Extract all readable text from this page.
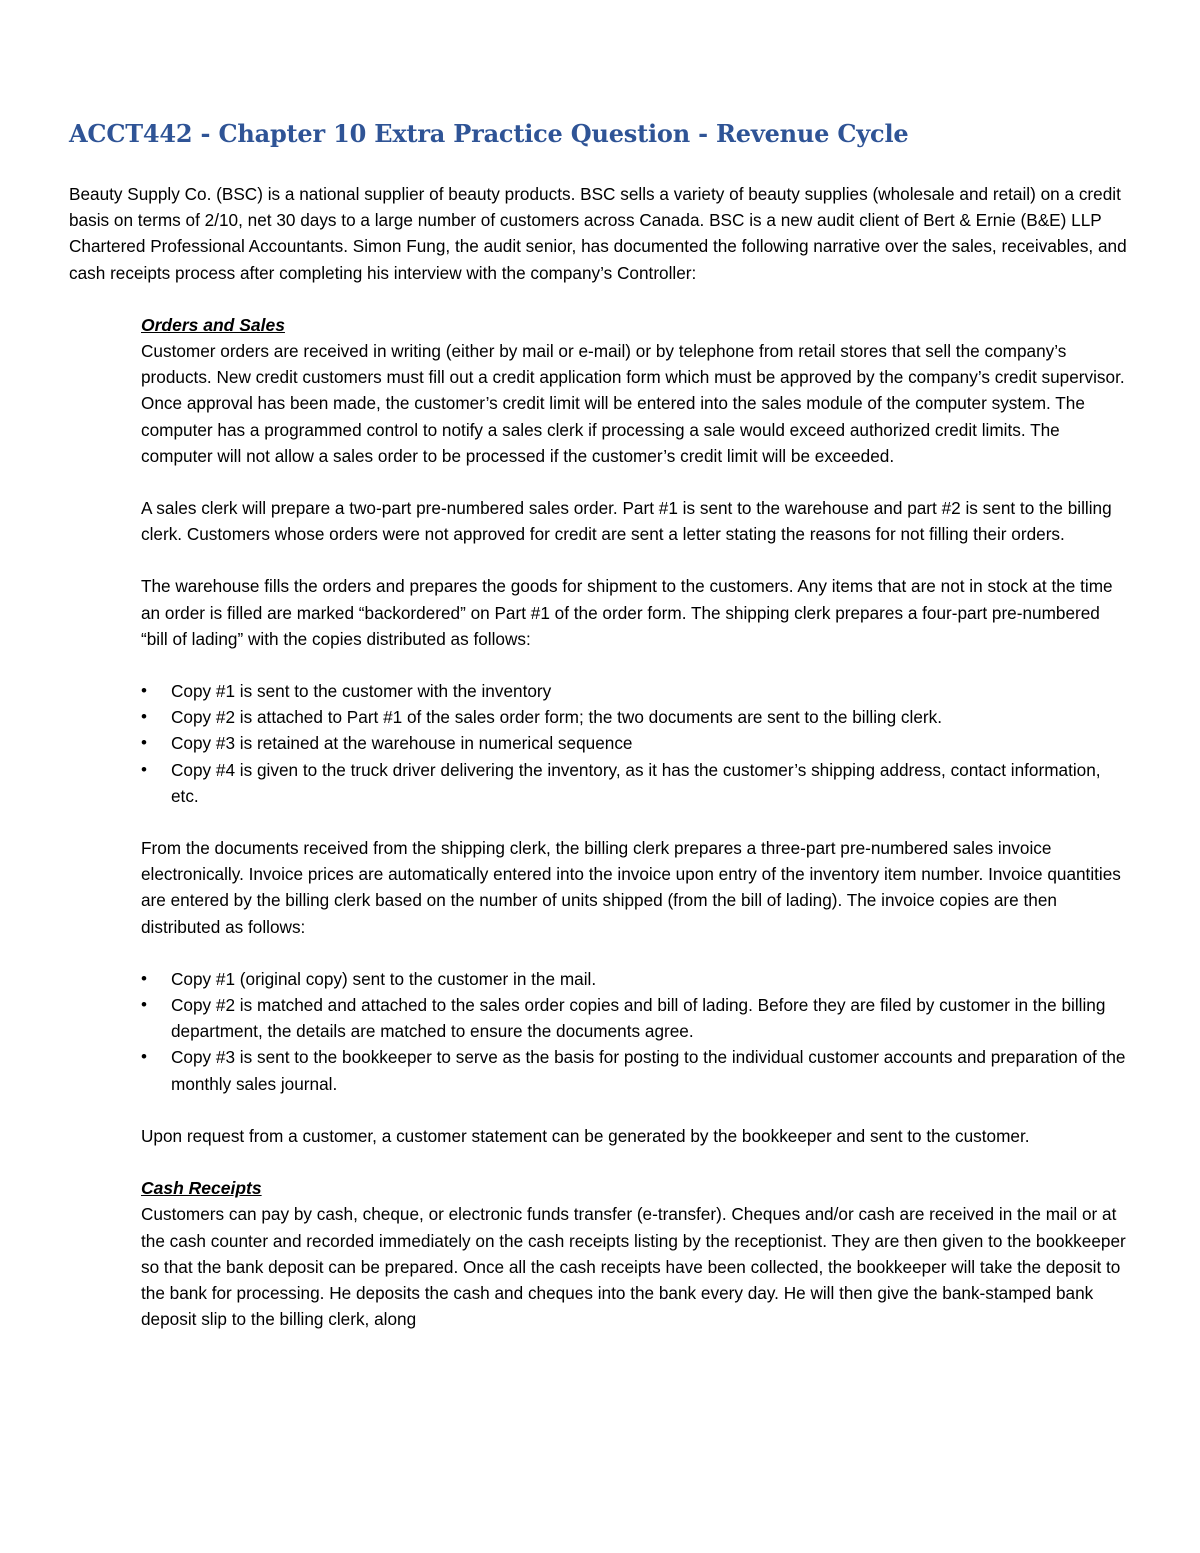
ACCT442 - Chapter 10 Extra Practice Question - Revenue Cycle

Beauty Supply Co. (BSC) is a national supplier of beauty products. BSC sells a variety of beauty supplies (wholesale and retail) on a credit basis on terms of 2/10, net 30 days to a large number of customers across Canada. BSC is a new audit client of Bert & Ernie (B&E) LLP Chartered Professional Accountants. Simon Fung, the audit senior, has documented the following narrative over the sales, receivables, and cash receipts process after completing his interview with the company’s Controller:

Orders and Sales

Customer orders are received in writing (either by mail or e-mail) or by telephone from retail stores that sell the company’s products. New credit customers must fill out a credit application form which must be approved by the company’s credit supervisor. Once approval has been made, the customer’s credit limit will be entered into the sales module of the computer system. The computer has a programmed control to notify a sales clerk if processing a sale would exceed authorized credit limits. The computer will not allow a sales order to be processed if the customer’s credit limit will be exceeded.

A sales clerk will prepare a two-part pre-numbered sales order. Part #1 is sent to the warehouse and part #2 is sent to the billing clerk. Customers whose orders were not approved for credit are sent a letter stating the reasons for not filling their orders.

The warehouse fills the orders and prepares the goods for shipment to the customers. Any items that are not in stock at the time an order is filled are marked “backordered” on Part #1 of the order form. The shipping clerk prepares a four-part pre-numbered “bill of lading” with the copies distributed as follows:

• Copy #1 is sent to the customer with the inventory
• Copy #2 is attached to Part #1 of the sales order form; the two documents are sent to the billing clerk.
• Copy #3 is retained at the warehouse in numerical sequence
• Copy #4 is given to the truck driver delivering the inventory, as it has the customer’s shipping address, contact information, etc.

From the documents received from the shipping clerk, the billing clerk prepares a three-part pre-numbered sales invoice electronically. Invoice prices are automatically entered into the invoice upon entry of the inventory item number. Invoice quantities are entered by the billing clerk based on the number of units shipped (from the bill of lading). The invoice copies are then distributed as follows:

• Copy #1 (original copy) sent to the customer in the mail.
• Copy #2 is matched and attached to the sales order copies and bill of lading. Before they are filed by customer in the billing department, the details are matched to ensure the documents agree.
• Copy #3 is sent to the bookkeeper to serve as the basis for posting to the individual customer accounts and preparation of the monthly sales journal.

Upon request from a customer, a customer statement can be generated by the bookkeeper and sent to the customer.

Cash Receipts

Customers can pay by cash, cheque, or electronic funds transfer (e-transfer). Cheques and/or cash are received in the mail or at the cash counter and recorded immediately on the cash receipts listing by the receptionist. They are then given to the bookkeeper so that the bank deposit can be prepared. Once all the cash receipts have been collected, the bookkeeper will take the deposit to the bank for processing. He deposits the cash and cheques into the bank every day. He will then give the bank-stamped bank deposit slip to the billing clerk, along
